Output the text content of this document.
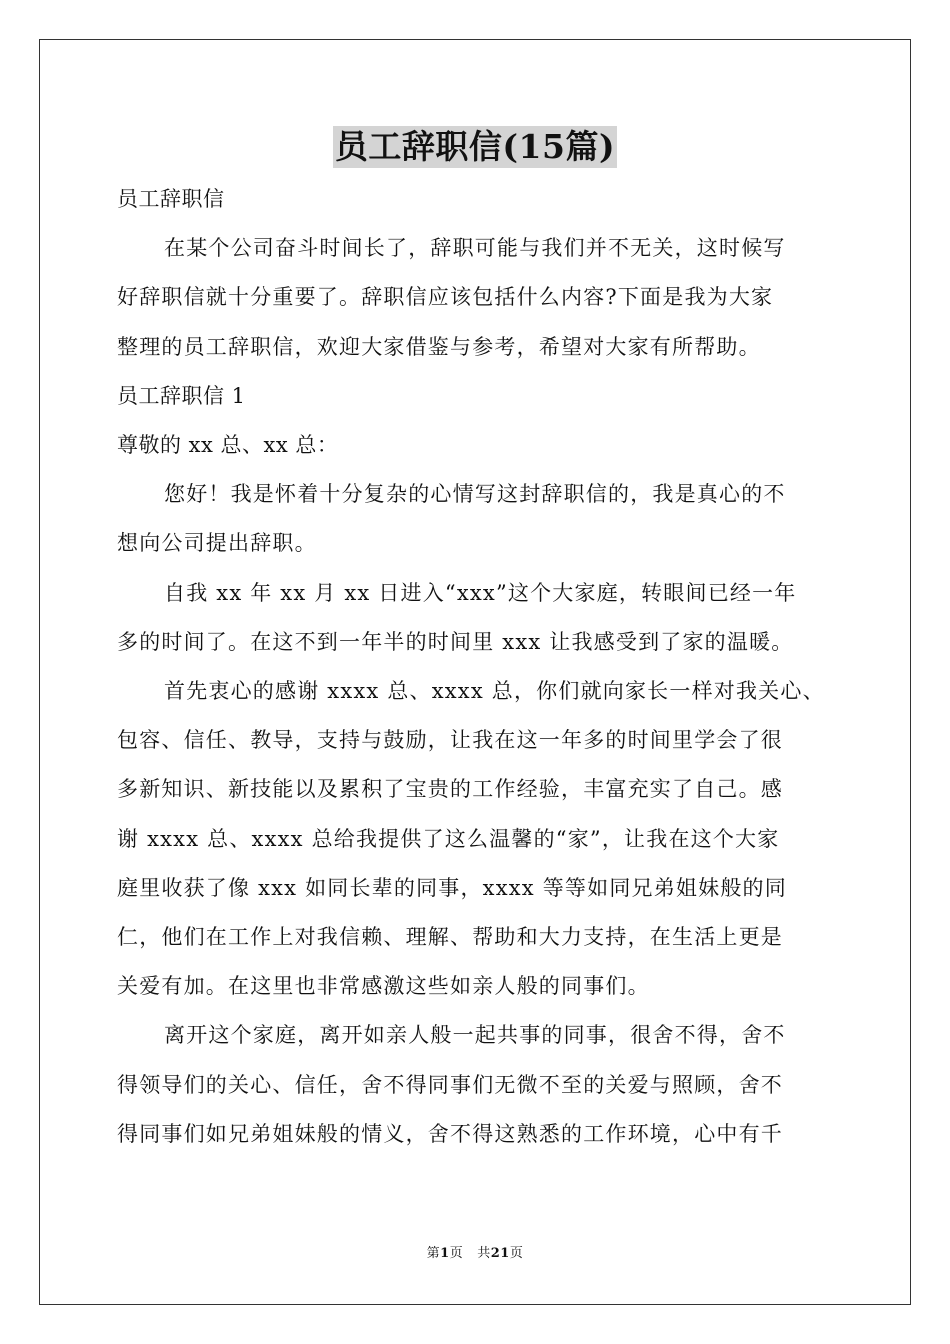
员工辞职信(15篇)
员工辞职信
在某个公司奋斗时间长了，辞职可能与我们并不无关，这时候写
好辞职信就十分重要了。辞职信应该包括什么内容?下面是我为大家
整理的员工辞职信，欢迎大家借鉴与参考，希望对大家有所帮助。
员工辞职信 1
尊敬的 xx 总、xx 总：
您好！我是怀着十分复杂的心情写这封辞职信的，我是真心的不
想向公司提出辞职。
自我 xx 年 xx 月 xx 日进入“xxx”这个大家庭，转眼间已经一年
多的时间了。在这不到一年半的时间里 xxx 让我感受到了家的温暖。
首先衷心的感谢 xxxx 总、xxxx 总，你们就向家长一样对我关心、
包容、信任、教导，支持与鼓励，让我在这一年多的时间里学会了很
多新知识、新技能以及累积了宝贵的工作经验，丰富充实了自己。感
谢 xxxx 总、xxxx 总给我提供了这么温馨的“家”，让我在这个大家
庭里收获了像 xxx 如同长辈的同事，xxxx 等等如同兄弟姐妹般的同
仁，他们在工作上对我信赖、理解、帮助和大力支持，在生活上更是
关爱有加。在这里也非常感激这些如亲人般的同事们。
离开这个家庭，离开如亲人般一起共事的同事，很舍不得，舍不
得领导们的关心、信任，舍不得同事们无微不至的关爱与照顾，舍不
得同事们如兄弟姐妹般的情义，舍不得这熟悉的工作环境，心中有千
第1页 共21页
